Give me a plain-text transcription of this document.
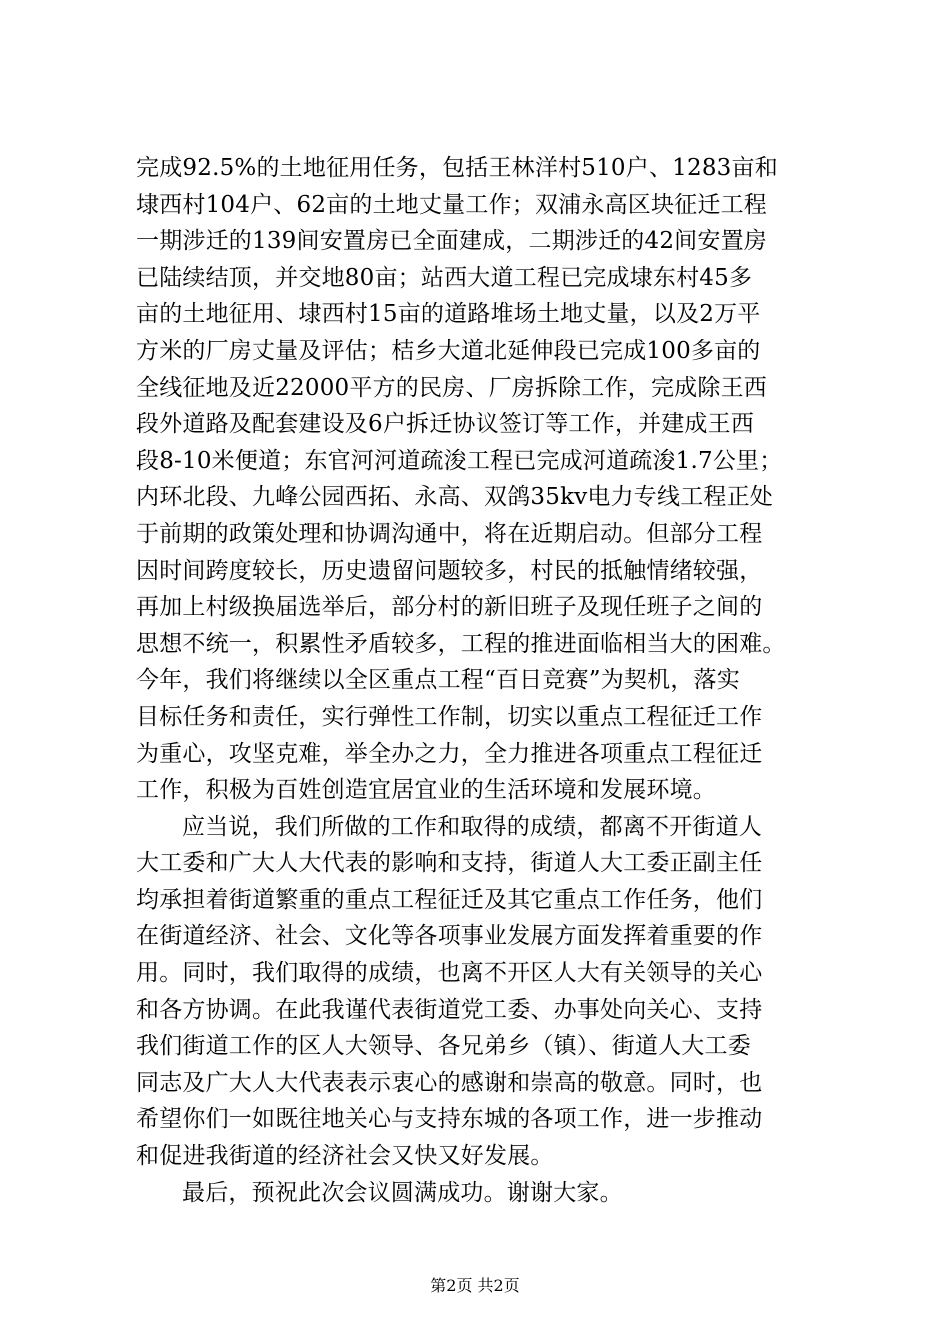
完成92.5%的土地征用任务，包括王林洋村510户、1283亩和
埭西村104户、62亩的土地丈量工作；双浦永高区块征迁工程
一期涉迁的139间安置房已全面建成，二期涉迁的42间安置房
已陆续结顶，并交地80亩；站西大道工程已完成埭东村45多
亩的土地征用、埭西村15亩的道路堆场土地丈量，以及2万平
方米的厂房丈量及评估；桔乡大道北延伸段已完成100多亩的
全线征地及近22000平方的民房、厂房拆除工作，完成除王西
段外道路及配套建设及6户拆迁协议签订等工作，并建成王西
段8-10米便道；东官河河道疏浚工程已完成河道疏浚1.7公里；
内环北段、九峰公园西拓、永高、双鸽35kv电力专线工程正处
于前期的政策处理和协调沟通中，将在近期启动。但部分工程
因时间跨度较长，历史遗留问题较多，村民的抵触情绪较强，
再加上村级换届选举后，部分村的新旧班子及现任班子之间的
思想不统一，积累性矛盾较多，工程的推进面临相当大的困难。
今年，我们将继续以全区重点工程“百日竞赛”为契机，落实
目标任务和责任，实行弹性工作制，切实以重点工程征迁工作
为重心，攻坚克难，举全办之力，全力推进各项重点工程征迁
工作，积极为百姓创造宜居宜业的生活环境和发展环境。
应当说，我们所做的工作和取得的成绩，都离不开街道人
大工委和广大人大代表的影响和支持，街道人大工委正副主任
均承担着街道繁重的重点工程征迁及其它重点工作任务，他们
在街道经济、社会、文化等各项事业发展方面发挥着重要的作
用。同时，我们取得的成绩，也离不开区人大有关领导的关心
和各方协调。在此我谨代表街道党工委、办事处向关心、支持
我们街道工作的区人大领导、各兄弟乡（镇）、街道人大工委
同志及广大人大代表表示衷心的感谢和崇高的敬意。同时，也
希望你们一如既往地关心与支持东城的各项工作，进一步推动
和促进我街道的经济社会又快又好发展。
最后，预祝此次会议圆满成功。谢谢大家。
第2页 共2页
